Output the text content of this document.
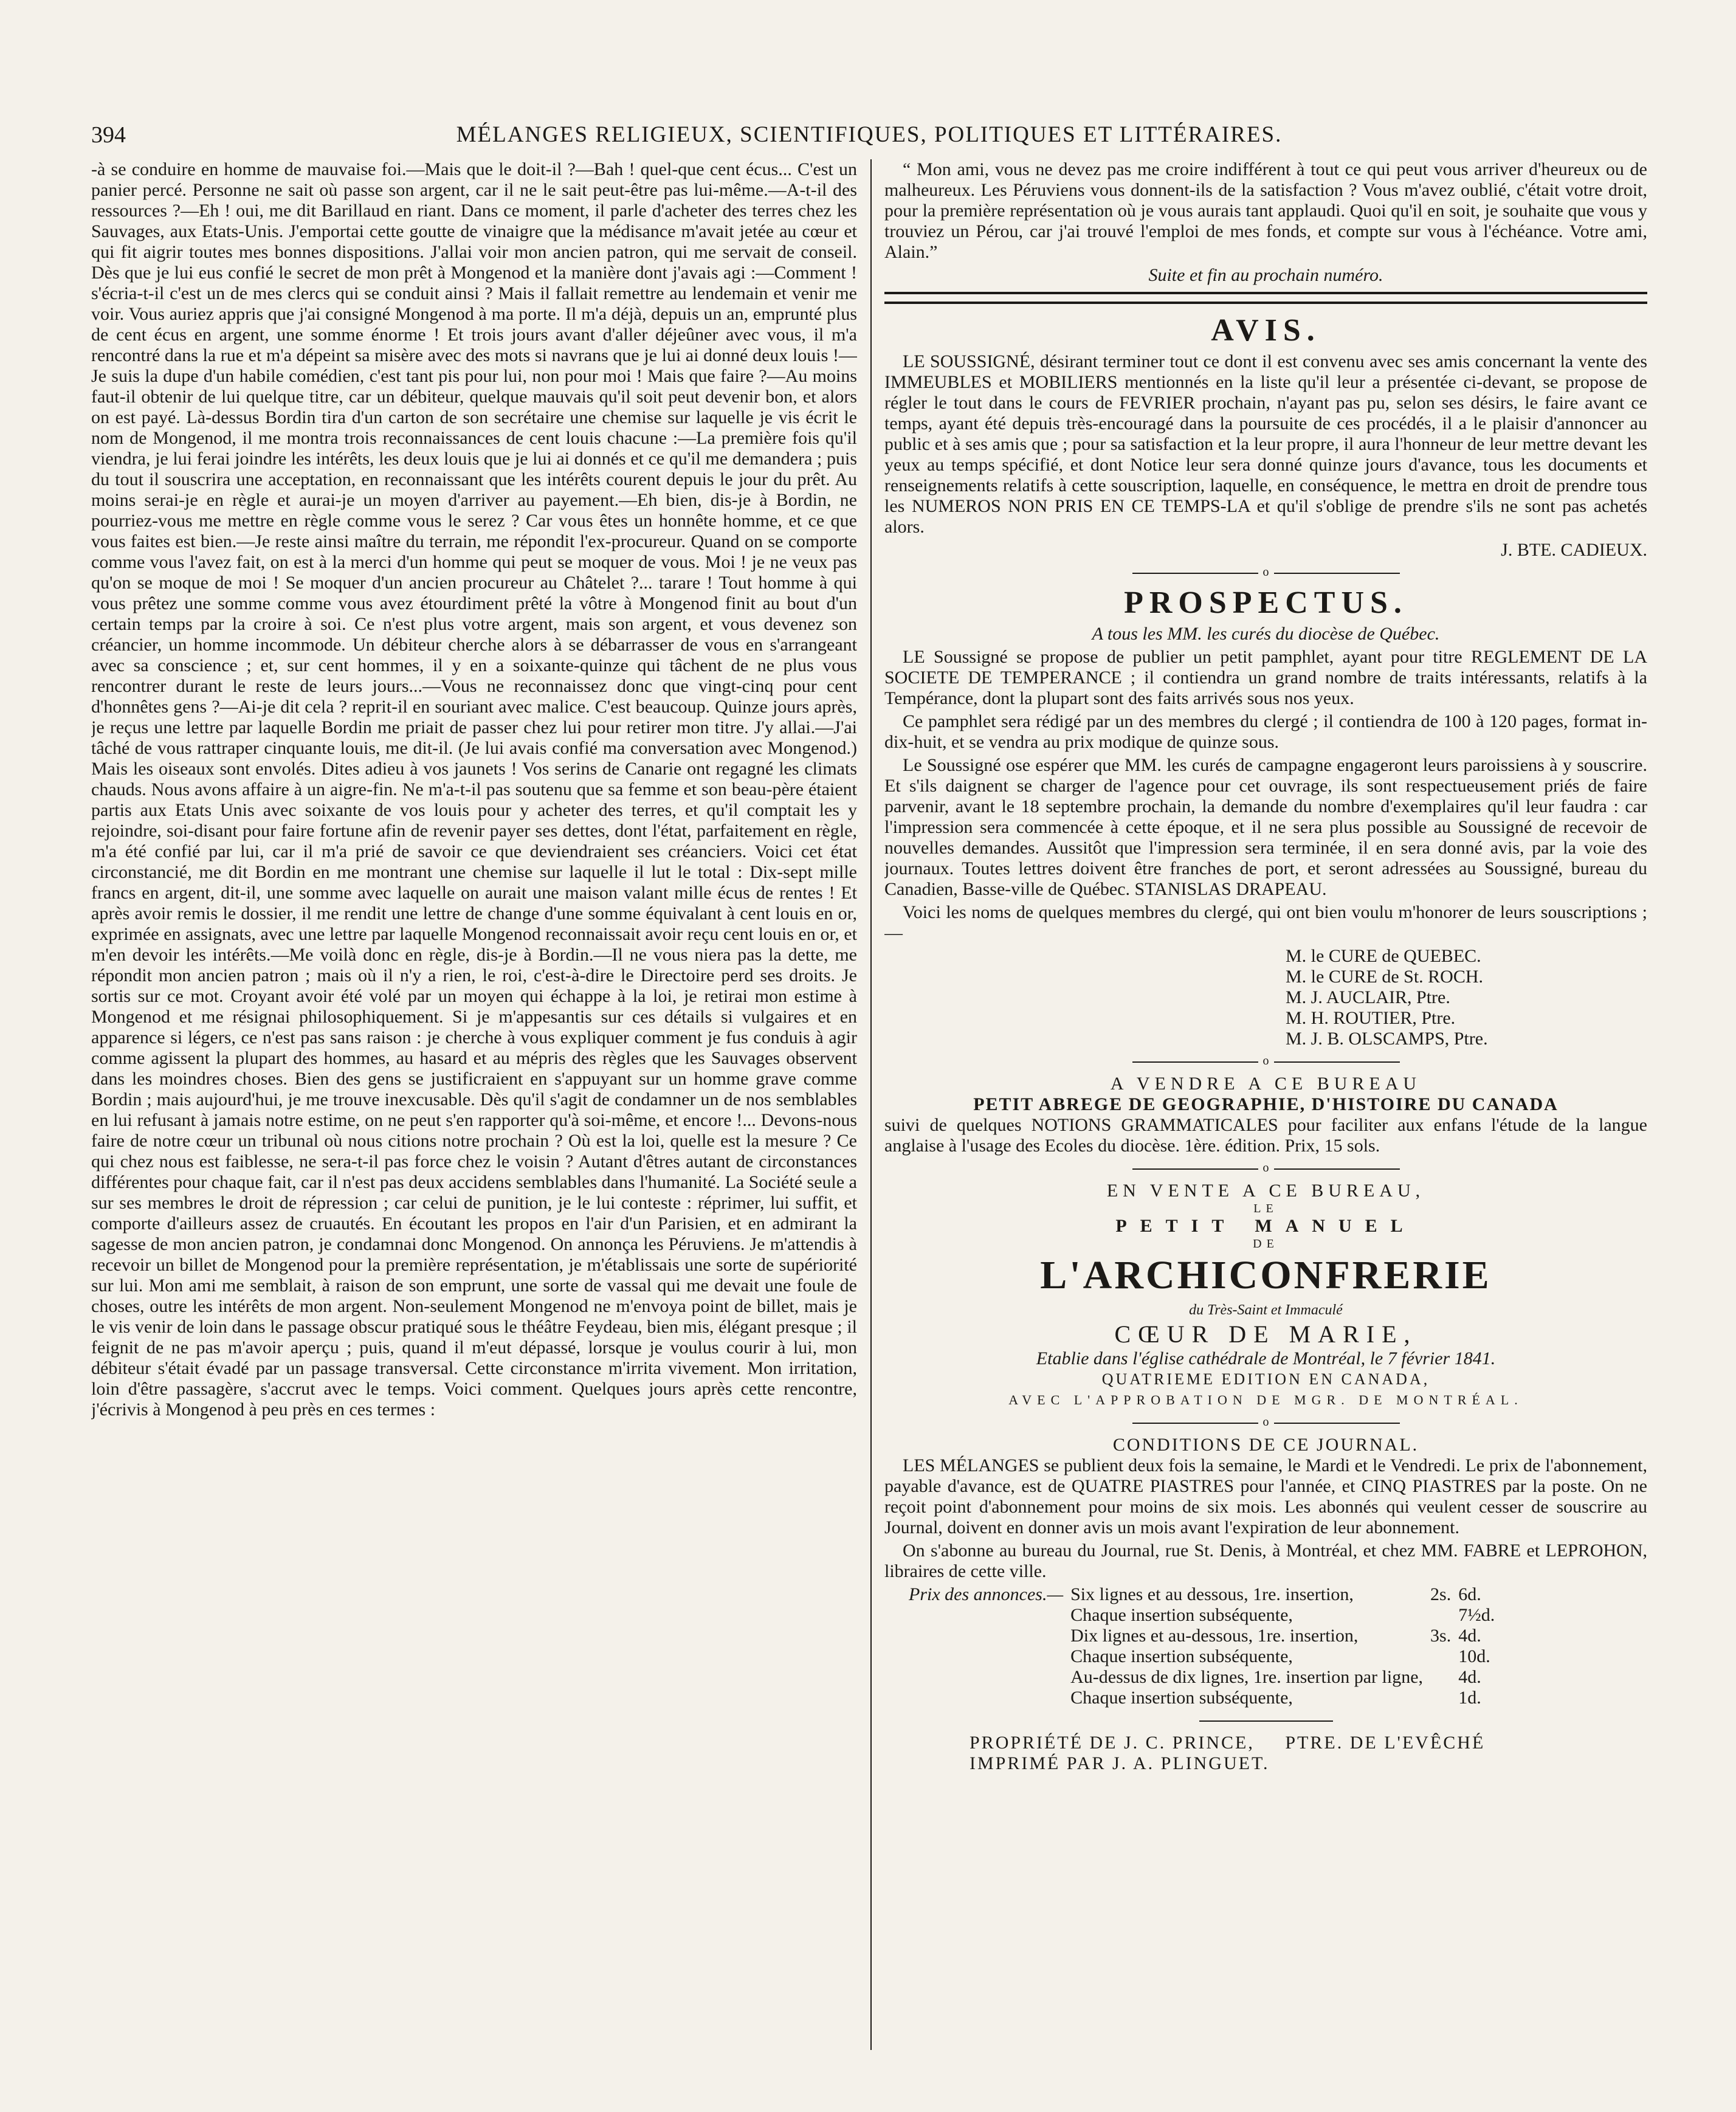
394	MÉLANGES RELIGIEUX, SCIENTIFIQUES, POLITIQUES ET LITTÉRAIRES.

-à se conduire en homme de mauvaise foi.—Mais que le doit-il ?—Bah ! quel-que cent écus... C'est un panier percé. Personne ne sait où passe son argent, car il ne le sait peut-être pas lui-même.—A-t-il des ressources ?—Eh ! oui, me dit Barillaud en riant. Dans ce moment, il parle d'acheter des terres chez les Sauvages, aux Etats-Unis. J'emportai cette goutte de vinaigre que la médisance m'avait jetée au cœur et qui fit aigrir toutes mes bonnes dispositions. J'allai voir mon ancien patron, qui me servait de conseil. Dès que je lui eus confié le secret de mon prêt à Mongenod et la manière dont j'avais agi :—Comment ! s'écria-t-il c'est un de mes clercs qui se conduit ainsi ? Mais il fallait remettre au lendemain et venir me voir. Vous auriez appris que j'ai consigné Mongenod à ma porte. Il m'a déjà, depuis un an, emprunté plus de cent écus en argent, une somme énorme ! Et trois jours avant d'aller déjeûner avec vous, il m'a rencontré dans la rue et m'a dépeint sa misère avec des mots si navrans que je lui ai donné deux louis !—Je suis la dupe d'un habile comédien, c'est tant pis pour lui, non pour moi ! Mais que faire ?—Au moins faut-il obtenir de lui quelque titre, car un débiteur, quelque mauvais qu'il soit peut devenir bon, et alors on est payé. Là-dessus Bordin tira d'un carton de son secrétaire une chemise sur laquelle je vis écrit le nom de Mongenod, il me montra trois reconnaissances de cent louis chacune :—La première fois qu'il viendra, je lui ferai joindre les intérêts, les deux louis que je lui ai donnés et ce qu'il me demandera ; puis du tout il souscrira une acceptation, en reconnaissant que les intérêts courent depuis le jour du prêt. Au moins serai-je en règle et aurai-je un moyen d'arriver au payement.—Eh bien, dis-je à Bordin, ne pourriez-vous me mettre en règle comme vous le serez ? Car vous êtes un honnête homme, et ce que vous faites est bien.—Je reste ainsi maître du terrain, me répondit l'ex-procureur. Quand on se comporte comme vous l'avez fait, on est à la merci d'un homme qui peut se moquer de vous. Moi ! je ne veux pas qu'on se moque de moi ! Se moquer d'un ancien procureur au Châtelet ?... tarare ! Tout homme à qui vous prêtez une somme comme vous avez étourdiment prêté la vôtre à Mongenod finit au bout d'un certain temps par la croire à soi. Ce n'est plus votre argent, mais son argent, et vous devenez son créancier, un homme incommode. Un débiteur cherche alors à se débarrasser de vous en s'arrangeant avec sa conscience ; et, sur cent hommes, il y en a soixante-quinze qui tâchent de ne plus vous rencontrer durant le reste de leurs jours...—Vous ne reconnaissez donc que vingt-cinq pour cent d'honnêtes gens ?—Ai-je dit cela ? reprit-il en souriant avec malice. C'est beaucoup. Quinze jours après, je reçus une lettre par laquelle Bordin me priait de passer chez lui pour retirer mon titre. J'y allai.—J'ai tâché de vous rattraper cinquante louis, me dit-il. (Je lui avais confié ma conversation avec Mongenod.) Mais les oiseaux sont envolés. Dites adieu à vos jaunets ! Vos serins de Canarie ont regagné les climats chauds. Nous avons affaire à un aigre-fin. Ne m'a-t-il pas soutenu que sa femme et son beau-père étaient partis aux Etats Unis avec soixante de vos louis pour y acheter des terres, et qu'il comptait les y rejoindre, soi-disant pour faire fortune afin de revenir payer ses dettes, dont l'état, parfaitement en règle, m'a été confié par lui, car il m'a prié de savoir ce que deviendraient ses créanciers. Voici cet état circonstancié, me dit Bordin en me montrant une chemise sur laquelle il lut le total : Dix-sept mille francs en argent, dit-il, une somme avec laquelle on aurait une maison valant mille écus de rentes ! Et après avoir remis le dossier, il me rendit une lettre de change d'une somme équivalant à cent louis en or, exprimée en assignats, avec une lettre par laquelle Mongenod reconnaissait avoir reçu cent louis en or, et m'en devoir les intérêts.—Me voilà donc en règle, dis-je à Bordin.—Il ne vous niera pas la dette, me répondit mon ancien patron ; mais où il n'y a rien, le roi, c'est-à-dire le Directoire perd ses droits. Je sortis sur ce mot. Croyant avoir été volé par un moyen qui échappe à la loi, je retirai mon estime à Mongenod et me résignai philosophiquement. Si je m'appesantis sur ces détails si vulgaires et en apparence si légers, ce n'est pas sans raison : je cherche à vous expliquer comment je fus conduis à agir comme agissent la plupart des hommes, au hasard et au mépris des règles que les Sauvages observent dans les moindres choses. Bien des gens se justificraient en s'appuyant sur un homme grave comme Bordin ; mais aujourd'hui, je me trouve inexcusable. Dès qu'il s'agit de condamner un de nos semblables en lui refusant à jamais notre estime, on ne peut s'en rapporter qu'à soi-même, et encore !... Devons-nous faire de notre cœur un tribunal où nous citions notre prochain ? Où est la loi, quelle est la mesure ? Ce qui chez nous est faiblesse, ne sera-t-il pas force chez le voisin ? Autant d'êtres autant de circonstances différentes pour chaque fait, car il n'est pas deux accidens semblables dans l'humanité. La Société seule a sur ses membres le droit de répression ; car celui de punition, je le lui conteste : réprimer, lui suffit, et comporte d'ailleurs assez de cruautés. En écoutant les propos en l'air d'un Parisien, et en admirant la sagesse de mon ancien patron, je condamnai donc Mongenod. On annonça les Péruviens. Je m'attendis à recevoir un billet de Mongenod pour la première représentation, je m'établissais une sorte de supériorité sur lui. Mon ami me semblait, à raison de son emprunt, une sorte de vassal qui me devait une foule de choses, outre les intérêts de mon argent. Non-seulement Mongenod ne m'envoya point de billet, mais je le vis venir de loin dans le passage obscur pratiqué sous le théâtre Feydeau, bien mis, élégant presque ; il feignit de ne pas m'avoir aperçu ; puis, quand il m'eut dépassé, lorsque je voulus courir à lui, mon débiteur s'était évadé par un passage transversal. Cette circonstance m'irrita vivement. Mon irritation, loin d'être passagère, s'accrut avec le temps. Voici comment. Quelques jours après cette rencontre, j'écrivis à Mongenod à peu près en ces termes :

“ Mon ami, vous ne devez pas me croire indifférent à tout ce qui peut vous arriver d'heureux ou de malheureux. Les Péruviens vous donnent-ils de la satisfaction ? Vous m'avez oublié, c'était votre droit, pour la première représentation où je vous aurais tant applaudi. Quoi qu'il en soit, je souhaite que vous y trouviez un Pérou, car j'ai trouvé l'emploi de mes fonds, et compte sur vous à l'échéance. Votre ami, Alain.”

Suite et fin au prochain numéro.

AVIS.

LE SOUSSIGNÉ, désirant terminer tout ce dont il est convenu avec ses amis concernant la vente des IMMEUBLES et MOBILIERS mentionnés en la liste qu'il leur a présentée ci-devant, se propose de régler le tout dans le cours de FEVRIER prochain, n'ayant pas pu, selon ses désirs, le faire avant ce temps, ayant été depuis très-encouragé dans la poursuite de ces procédés, il a le plaisir d'annoncer au public et à ses amis que ; pour sa satisfaction et la leur propre, il aura l'honneur de leur mettre devant les yeux au temps spécifié, et dont Notice leur sera donné quinze jours d'avance, tous les documents et renseignements relatifs à cette souscription, laquelle, en conséquence, le mettra en droit de prendre tous les NUMEROS NON PRIS EN CE TEMPS-LA et qu'il s'oblige de prendre s'ils ne sont pas achetés alors.

J. BTE. CADIEUX.

o
PROSPECTUS.

A tous les MM. les curés du diocèse de Québec.

LE Soussigné se propose de publier un petit pamphlet, ayant pour titre REGLEMENT DE LA SOCIETE DE TEMPERANCE ; il contiendra un grand nombre de traits intéressants, relatifs à la Tempérance, dont la plupart sont des faits arrivés sous nos yeux.

Ce pamphlet sera rédigé par un des membres du clergé ; il contiendra de 100 à 120 pages, format in-dix-huit, et se vendra au prix modique de quinze sous.

Le Soussigné ose espérer que MM. les curés de campagne engageront leurs paroissiens à y souscrire. Et s'ils daignent se charger de l'agence pour cet ouvrage, ils sont respectueusement priés de faire parvenir, avant le 18 septembre prochain, la demande du nombre d'exemplaires qu'il leur faudra : car l'impression sera commencée à cette époque, et il ne sera plus possible au Soussigné de recevoir de nouvelles demandes. Aussitôt que l'impression sera terminée, il en sera donné avis, par la voie des journaux. Toutes lettres doivent être franches de port, et seront adressées au Soussigné, bureau du Canadien, Basse-ville de Québec. STANISLAS DRAPEAU.

Voici les noms de quelques membres du clergé, qui ont bien voulu m'honorer de leurs souscriptions ;—

M. le CURE de QUEBEC.
M. le CURE de St. ROCH.
M. J. AUCLAIR, Ptre.
M. H. ROUTIER, Ptre.
M. J. B. OLSCAMPS, Ptre.
o
A VENDRE A CE BUREAU
PETIT ABREGE DE GEOGRAPHIE, D'HISTOIRE DU CANADA

suivi de quelques NOTIONS GRAMMATICALES pour faciliter aux enfans l'étude de la langue anglaise à l'usage des Ecoles du diocèse. 1ère. édition. Prix, 15 sols.

o
EN VENTE A CE BUREAU,
LE
PETIT MANUEL
DE
L'ARCHICONFRERIE
du Très-Saint et Immaculé
CŒUR DE MARIE,
Etablie dans l'église cathédrale de Montréal, le 7 février 1841.
QUATRIEME EDITION EN CANADA,
AVEC L'APPROBATION DE MGR. DE MONTRÉAL.
o
CONDITIONS DE CE JOURNAL.

LES MÉLANGES se publient deux fois la semaine, le Mardi et le Vendredi. Le prix de l'abonnement, payable d'avance, est de QUATRE PIASTRES pour l'année, et CINQ PIASTRES par la poste. On ne reçoit point d'abonnement pour moins de six mois. Les abonnés qui veulent cesser de souscrire au Journal, doivent en donner avis un mois avant l'expiration de leur abonnement.

On s'abonne au bureau du Journal, rue St. Denis, à Montréal, et chez MM. FABRE et LEPROHON, libraires de cette ville.

Prix des annonces.—	Six lignes et au dessous, 1re. insertion,	2s.	6d.
	Chaque insertion subséquente,		7½d.
	Dix lignes et au-dessous, 1re. insertion,	3s.	4d.
	Chaque insertion subséquente,		10d.
	Au-dessus de dix lignes, 1re. insertion par ligne,		4d.
	Chaque insertion subséquente,		1d.
PROPRIÉTÉ DE J. C. PRINCE, PTRE. DE L'EVÊCHÉ
IMPRIMÉ PAR J. A. PLINGUET.
